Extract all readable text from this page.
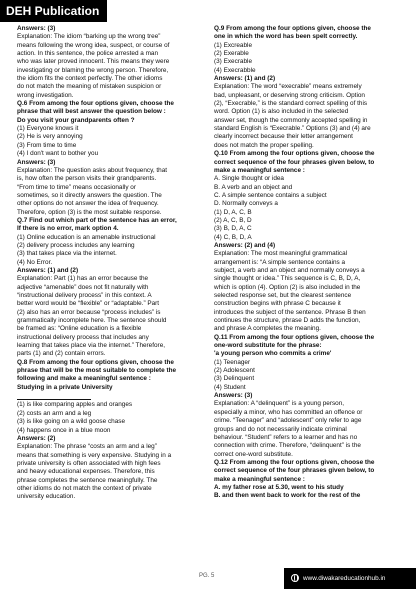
DEH Publication
Answers: (3)
Explanation: The idiom “barking up the wrong tree”
means following the wrong idea, suspect, or course of
action. In this sentence, the police arrested a man
who was later proved innocent. This means they were
investigating or blaming the wrong person. Therefore,
the idiom fits the context perfectly. The other idioms
do not match the meaning of mistaken suspicion or
wrong investigation.
Q.6 From among the four options given, choose the
phrase that will best answer the question below :
Do you visit your grandparents often ?
(1) Everyone knows it
(2) He is very annoying
(3) From time to time
(4) I don't want to bother you
Answers: (3)
Explanation: The question asks about frequency, that
is, how often the person visits their grandparents.
“From time to time” means occasionally or
sometimes, so it directly answers the question. The
other options do not answer the idea of frequency.
Therefore, option (3) is the most suitable response.
Q.7 Find out which part of the sentence has an error,
If there is no error, mark option 4.
(1) Online education is an amenable instructional
(2) delivery process includes any learning
(3) that takes place via the internet.
(4) No Error.
Answers: (1) and (2)
Explanation: Part (1) has an error because the
adjective “amenable” does not fit naturally with
“instructional delivery process” in this context. A
better word would be “flexible” or “adaptable.” Part
(2) also has an error because “process includes” is
grammatically incomplete here. The sentence should
be framed as: “Online education is a flexible
instructional delivery process that includes any
learning that takes place via the internet.” Therefore,
parts (1) and (2) contain errors.
Q.8 From among the four options given, choose the
phrase that will be the most suitable to complete the
following and make a meaningful sentence :
Studying in a private University
(1) is like comparing apples and oranges
(2) costs an arm and a leg
(3) is like going on a wild goose chase
(4) happens once in a blue moon
Answers: (2)
Explanation: The phrase “costs an arm and a leg”
means that something is very expensive. Studying in a
private university is often associated with high fees
and heavy educational expenses. Therefore, this
phrase completes the sentence meaningfully. The
other idioms do not match the context of private
university education.
Q.9 From among the four options given, choose the
one in which the word has been spelt correctly.
(1) Excreable
(2) Exerable
(3) Execrable
(4) Execrabble
Answers: (1) and (2)
Explanation: The word “execrable” means extremely
bad, unpleasant, or deserving strong criticism. Option
(2), “Execrable,” is the standard correct spelling of this
word. Option (1) is also included in the selected
answer set, though the commonly accepted spelling in
standard English is “Execrable.” Options (3) and (4) are
clearly incorrect because their letter arrangement
does not match the proper spelling.
Q.10 From among the four options given, choose the
correct sequence of the four phrases given below, to
make a meaningful sentence :
A. Single thought or idea
B. A verb and an object and
C. A simple sentence contains a subject
D. Normally conveys a
(1) D, A, C, B
(2) A, C, B, D
(3) B, D, A, C
(4) C, B, D, A
Answers: (2) and (4)
Explanation: The most meaningful grammatical
arrangement is: “A simple sentence contains a
subject, a verb and an object and normally conveys a
single thought or idea.” This sequence is C, B, D, A,
which is option (4). Option (2) is also included in the
selected response set, but the clearest sentence
construction begins with phrase C because it
introduces the subject of the sentence. Phrase B then
continues the structure, phrase D adds the function,
and phrase A completes the meaning.
Q.11 From among the four options given, choose the
one-word substitute for the phrase:
'a young person who commits a crime'
(1) Teenager
(2) Adolescent
(3) Delinquent
(4) Student
Answers: (3)
Explanation: A “delinquent” is a young person,
especially a minor, who has committed an offence or
crime. “Teenager” and “adolescent” only refer to age
groups and do not necessarily indicate criminal
behaviour. “Student” refers to a learner and has no
connection with crime. Therefore, “delinquent” is the
correct one-word substitute.
Q.12 From among the four options given, choose the
correct sequence of the four phrases given below, to
make a meaningful sentence :
A. my father rose at 5.30, went to his study
B. and then went back to work for the rest of the
PG. 5	www.diwakareducationhub.in
